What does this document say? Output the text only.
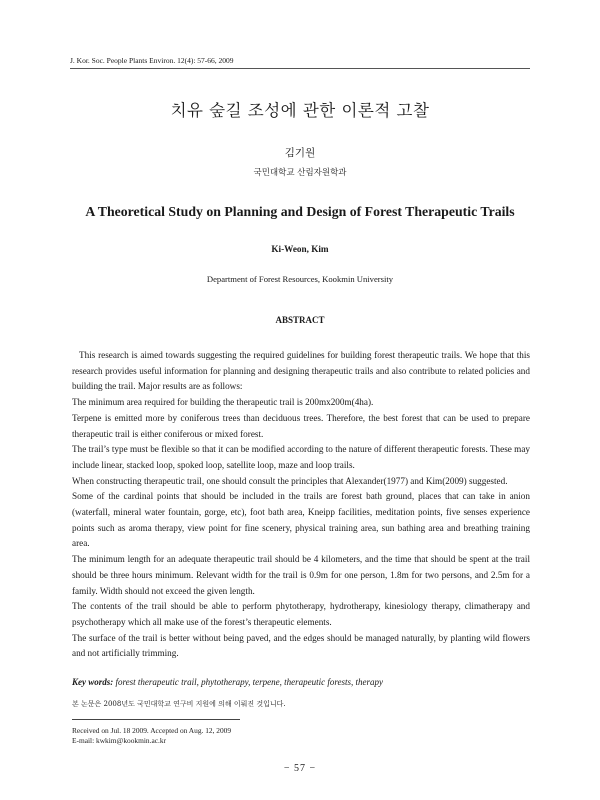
J. Kor. Soc. People Plants Environ. 12(4): 57-66, 2009
치유 숲길 조성에 관한 이론적 고찰
김기원
국민대학교 산림자원학과
A Theoretical Study on Planning and Design of Forest Therapeutic Trails
Ki-Weon, Kim
Department of Forest Resources, Kookmin University
ABSTRACT

This research is aimed towards suggesting the required guidelines for building forest therapeutic trails. We hope that this research provides useful information for planning and designing therapeutic trails and also contribute to related policies and building the trail. Major results are as follows:

The minimum area required for building the therapeutic trail is 200mx200m(4ha).

Terpene is emitted more by coniferous trees than deciduous trees. Therefore, the best forest that can be used to prepare therapeutic trail is either coniferous or mixed forest.

The trail’s type must be flexible so that it can be modified according to the nature of different therapeutic forests. These may include linear, stacked loop, spoked loop, satellite loop, maze and loop trails.

When constructing therapeutic trail, one should consult the principles that Alexander(1977) and Kim(2009) suggested.

Some of the cardinal points that should be included in the trails are forest bath ground, places that can take in anion (waterfall, mineral water fountain, gorge, etc), foot bath area, Kneipp facilities, meditation points, five senses experience points such as aroma therapy, view point for fine scenery, physical training area, sun bathing area and breathing training area.

The minimum length for an adequate therapeutic trail should be 4 kilometers, and the time that should be spent at the trail should be three hours minimum. Relevant width for the trail is 0.9m for one person, 1.8m for two persons, and 2.5m for a family. Width should not exceed the given length.

The contents of the trail should be able to perform phytotherapy, hydrotherapy, kinesiology therapy, climatherapy and psychotherapy which all make use of the forest’s therapeutic elements.

The surface of the trail is better without being paved, and the edges should be managed naturally, by planting wild flowers and not artificially trimming.

Key words: forest therapeutic trail, phytotherapy, terpene, therapeutic forests, therapy
본 논문은 2008년도 국민대학교 연구비 지원에 의해 이뤄진 것입니다.
Received on Jul. 18 2009. Accepted on Aug. 12, 2009
E-mail: kwkim@kookmin.ac.kr
− 57 −
